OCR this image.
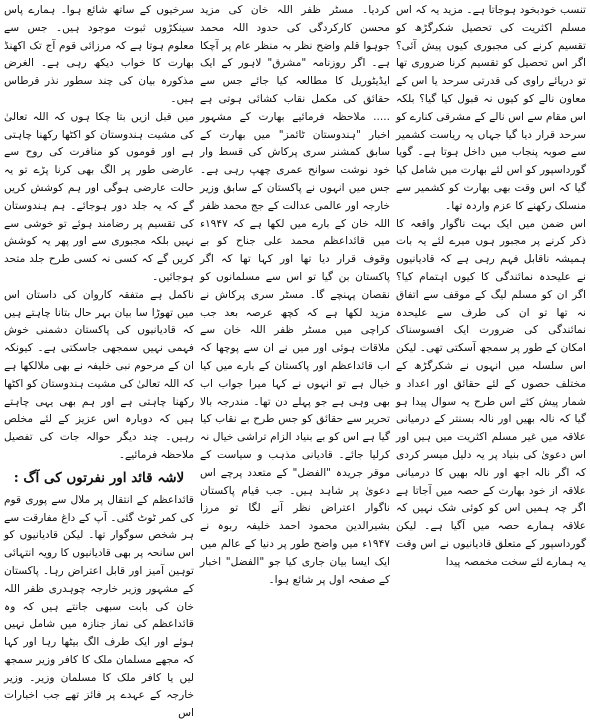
تنسب خودبخود ہوجاتا ہے۔ مزید یہ کہ اس مسلم اکثریت کی تحصیل شکرگڑھ کو تقسیم کرنے کی مجبوری کیوں پیش آئی؟ اگر اس تحصیل کو تقسیم کرنا ضروری تھا تو دریائے راوی کی قدرتی سرحد یا اس کے معاون نالے کو کیوں نہ قبول کیا گیا؟ بلکہ اس مقام سے اس نالے کے مشرقی کنارے کو سرحد قرار دیا گیا جہاں یہ ریاست کشمیر سے صوبہ پنجاب میں داخل ہوتا ہے۔ گویا گورداسپور کو اس لئے بھارت میں شامل کیا گیا کہ اس وقت بھی بھارت کو کشمیر سے منسلک رکھنے کا عزم واردہ تھا۔

اس ضمن میں ایک بہت ناگوار واقعہ کا ذکر کرنے پر مجبور ہوں میرے لئے یہ بات ہمیشہ ناقابل فہم رہی ہے کہ قادیانیوں نے علیحدہ نمائندگی کا کیوں اہتمام کیا؟ اگر ان کو مسلم لیگ کے موقف سے اتفاق نہ تھا تو ان کی طرف سے علیحدہ نمائندگی کی ضرورت ایک افسوسناک امکان کے طور پر سمجھ آسکتی تھی۔ لیکن اس سلسلہ میں انہوں نے شکرگڑھ کے مختلف حصوں کے لئے حقائق اور اعداد و شمار پیش کئے اس طرح یہ سوال پیدا ہو گیا کہ نالہ بھیں اور نالہ بسنتر کے درمیانی علاقہ میں غیر مسلم اکثریت میں ہیں اور اس دعویٰ کی بنیاد پر یہ دلیل میسر کردی کہ اگر نالہ اجھ اور نالہ بھیں کا درمیانی علاقہ از خود بھارت کے حصہ میں آجاتا ہے اگر چہ ہمیں اس کو کوئی شک نہیں کہ علاقہ ہمارے حصہ میں آگیا ہے۔ لیکن گورداسپور کے متعلق قادیانیوں نے اس وقت یہ ہمارے لئے سخت مخمصہ پیدا

کردیا۔ مسٹر ظفر اللہ خان کی مزید محسن کارکردگی کی حدود اللہ محمد جوہوا قلم واضح نظر بہ منظر عام پر آچکا ہے۔ اگر روزنامہ "مشرق" لاہور کے ایک ایڈیٹوریل کا مطالعہ کیا جائے جس سے حقائق کی مکمل نقاب کشائی ہوتی ہے ..... ملاحظہ فرمائیے بھارت کے مشہور اخبار "ہندوستان ٹائمز" میں بھارت کے سابق کمشنر سری پرکاش کی قسط وار خود نوشت سوانح عمری چھپ رہی ہے۔ جس میں انہوں نے پاکستان کے سابق وزیر خارجہ اور عالمی عدالت کے جج محمد ظفر اللہ خان کے بارے میں لکھا ہے کہ ۱۹۴۷ء میں قائداعظم محمد علی جناح کو بے وقوف قرار دیا تھا اور کہا تھا کہ اگر پاکستان بن گیا تو اس سے مسلمانوں کو نقصان پہنچے گا۔ مسٹر سری پرکاش نے مزید لکھا ہے کہ کچھ عرصہ بعد جب کراچی میں مسٹر ظفر اللہ خان سے ملاقات ہوئی اور میں نے ان سے پوچھا کہ اب قائداعظم اور پاکستان کے بارے میں کیا خیال ہے تو انہوں نے کہا میرا جواب اب بھی وہی ہے جو پہلے دن تھا۔ مندرجہ بالا تحریر سے حقائق کو جس طرح بے نقاب کیا گیا ہے اس کو بے بنیاد الزام تراشی خیال نہ کرلیا جائے۔ قادیانی مذہب و سیاست کے موقر جریدہ "الفضل" کے متعدد پرچے اس دعویٰ پر شاہد ہیں۔ جب قیام پاکستان ناگوار اعتراض نظر آنے لگا تو مرزا بشیرالدین محمود احمد خلیفہ ربوہ نے ۱۹۴۷ء میں واضح طور پر دنیا کے عالم میں ایک ایسا بیان جاری کیا جو "الفضل" اخبار کے صفحہ اول پر شائع ہوا۔

سرخیوں کے ساتھ شائع ہوا۔ ہمارے پاس سینکڑوں ثبوت موجود ہیں۔ جس سے معلوم ہوتا ہے کہ مرزائی قوم آج تک اکھنڈ بھارت کا خواب دیکھ رہی ہے۔ الغرض مذکورہ بیان کی چند سطور نذر قرطاس ہیں۔

میں قبل ازیں بتا چکا ہوں کہ اللہ تعالیٰ کی مشیت ہندوستان کو اکٹھا رکھنا چاہتی ہے اور قوموں کو منافرت کی روح سے عارضی طور پر الگ بھی کرنا پڑے تو یہ حالت عارضی ہوگی اور ہم کوشش کریں گے کہ یہ جلد دور ہوجائے۔ ہم ہندوستان کی تقسیم پر رضامند ہوئے تو خوشی سے نہیں بلکہ مجبوری سے اور پھر یہ کوشش کریں گے کہ کسی نہ کسی طرح جلد متحد ہوجائیں۔

ناکمل ہے متفقہ کاروان کی داستان اس میں تھوڑا سا بیان بہر حال بتانا چاہتے ہیں کہ قادیانیوں کی پاکستان دشمنی خوش فہمی نہیں سمجھی جاسکتی ہے۔ کیونکہ ان کے مرحوم نبی خلیفہ نے بھی ملالکھا ہے کہ اللہ تعالیٰ کی مشیت ہندوستان کو اکٹھا رکھنا چاہتی ہے اور ہم بھی یہی چاہتے ہیں کہ دوبارہ اس عزیز کے لئے مخلص رہیں۔ چند دیگر حوالہ جات کی تفصیل ملاحظہ فرمائیے۔

لاشہ قائد اور نفرتوں کی آگ :

قائداعظم کے انتقال پر ملال سے پوری قوم کی کمر ٹوٹ گئی۔ آپ کے داغ مفارقت سے ہر شخص سوگوار تھا۔ لیکن قادیانیوں کو اس سانحہ پر بھی قادیانیوں کا رویہ انتہائی توہین آمیز اور قابل اعتراض رہا۔ پاکستان کے مشہور وزیر خارجہ چوہدری ظفر اللہ خان کی بابت سبھی جانتے ہیں کہ وہ قائداعظم کی نماز جنازہ میں شامل نہیں ہوئے اور ایک طرف الگ بیٹھا رہا اور کہا کہ مجھے مسلمان ملک کا کافر وزیر سمجھ لیں یا کافر ملک کا مسلمان وزیر۔ وزیر خارجہ کے عہدے پر فائز تھے جب اخبارات اس
